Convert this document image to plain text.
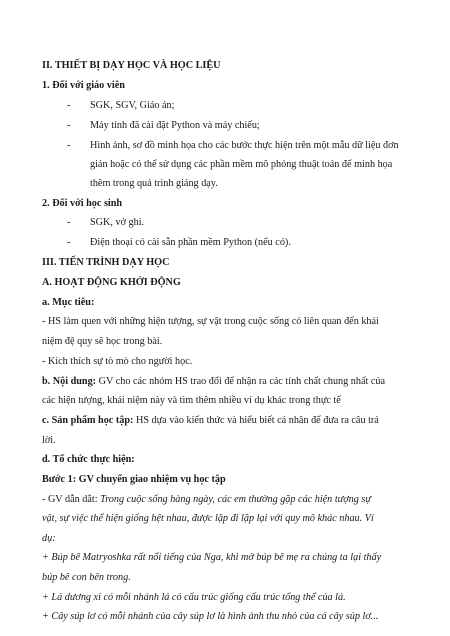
II. THIẾT BỊ DẠY HỌC VÀ HỌC LIỆU
1. Đối với giáo viên
- SGK, SGV, Giáo án;
- Máy tính đã cài đặt Python và máy chiếu;
- Hình ảnh, sơ đồ minh họa cho các bước thực hiện trên một mẫu dữ liệu đơn
giản hoặc có thể sử dụng các phần mềm mô phỏng thuật toán để minh họa
thêm trong quá trình giảng dạy.
2. Đối với học sinh
- SGK, vở ghi.
- Điện thoại có cài sẵn phần mềm Python (nếu có).
III. TIẾN TRÌNH DẠY HỌC
A. HOẠT ĐỘNG KHỞI ĐỘNG
a. Mục tiêu:
- HS làm quen với những hiện tượng, sự vật trong cuộc sống có liên quan đến khái
niệm đệ quy sẽ học trong bài.
- Kích thích sự tò mò cho người học.
b. Nội dung: GV cho các nhóm HS trao đổi để nhận ra các tính chất chung nhất của
các hiện tượng, khái niệm này và tìm thêm nhiều ví dụ khác trong thực tế
c. Sản phẩm học tập: HS dựa vào kiến thức và hiểu biết cá nhân để đưa ra câu trả
lời.
d. Tổ chức thực hiện:
Bước 1: GV chuyển giao nhiệm vụ học tập
- GV dẫn dắt: Trong cuộc sống hàng ngày, các em thường gặp các hiện tượng sự
vật, sự việc thể hiện giống hệt nhau, được lặp đi lặp lại với quy mô khác nhau. Ví
dụ:
+ Búp bê Matryoshka rất nổi tiếng của Nga, khi mở búp bê mẹ ra chúng ta lại thấy
búp bê con bên trong.
+ Lá dương xỉ có mỗi nhánh lá có cấu trúc giống cấu trúc tổng thể của lá.
+ Cây súp lơ có mỗi nhánh của cây súp lơ là hình ảnh thu nhỏ của cả cây súp lơ...
